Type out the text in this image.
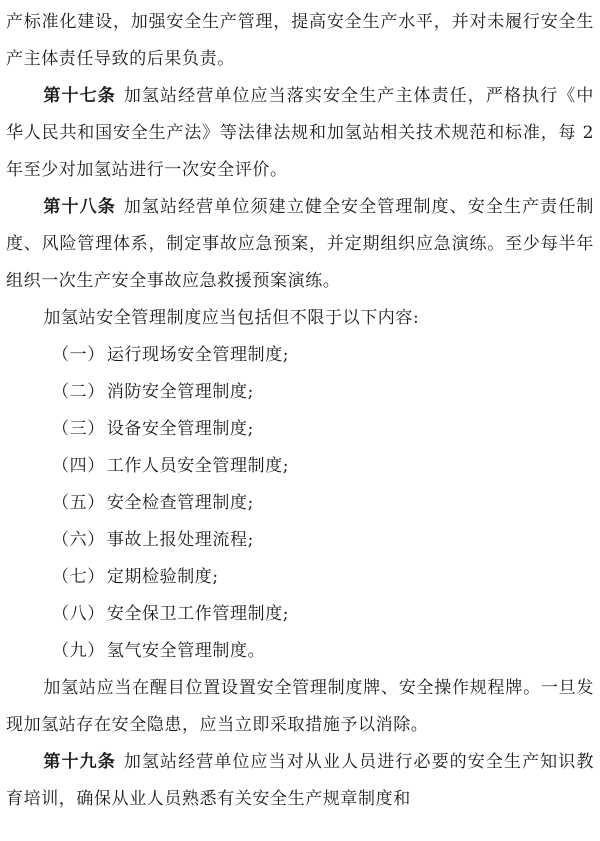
产标准化建设，加强安全生产管理，提高安全生产水平，并对未履行安全生产主体责任导致的后果负责。

第十七条 加氢站经营单位应当落实安全生产主体责任，严格执行《中华人民共和国安全生产法》等法律法规和加氢站相关技术规范和标准，每 2 年至少对加氢站进行一次安全评价。

第十八条 加氢站经营单位须建立健全安全管理制度、安全生产责任制度、风险管理体系，制定事故应急预案，并定期组织应急演练。至少每半年组织一次生产安全事故应急救援预案演练。

加氢站安全管理制度应当包括但不限于以下内容:

（一） 运行现场安全管理制度;
（二） 消防安全管理制度;
（三） 设备安全管理制度;
（四） 工作人员安全管理制度;
（五） 安全检查管理制度;
（六） 事故上报处理流程;
（七） 定期检验制度;
（八） 安全保卫工作管理制度;
（九） 氢气安全管理制度。

加氢站应当在醒目位置设置安全管理制度牌、安全操作规程牌。一旦发现加氢站存在安全隐患，应当立即采取措施予以消除。

第十九条 加氢站经营单位应当对从业人员进行必要的安全生产知识教育培训，确保从业人员熟悉有关安全生产规章制度和
